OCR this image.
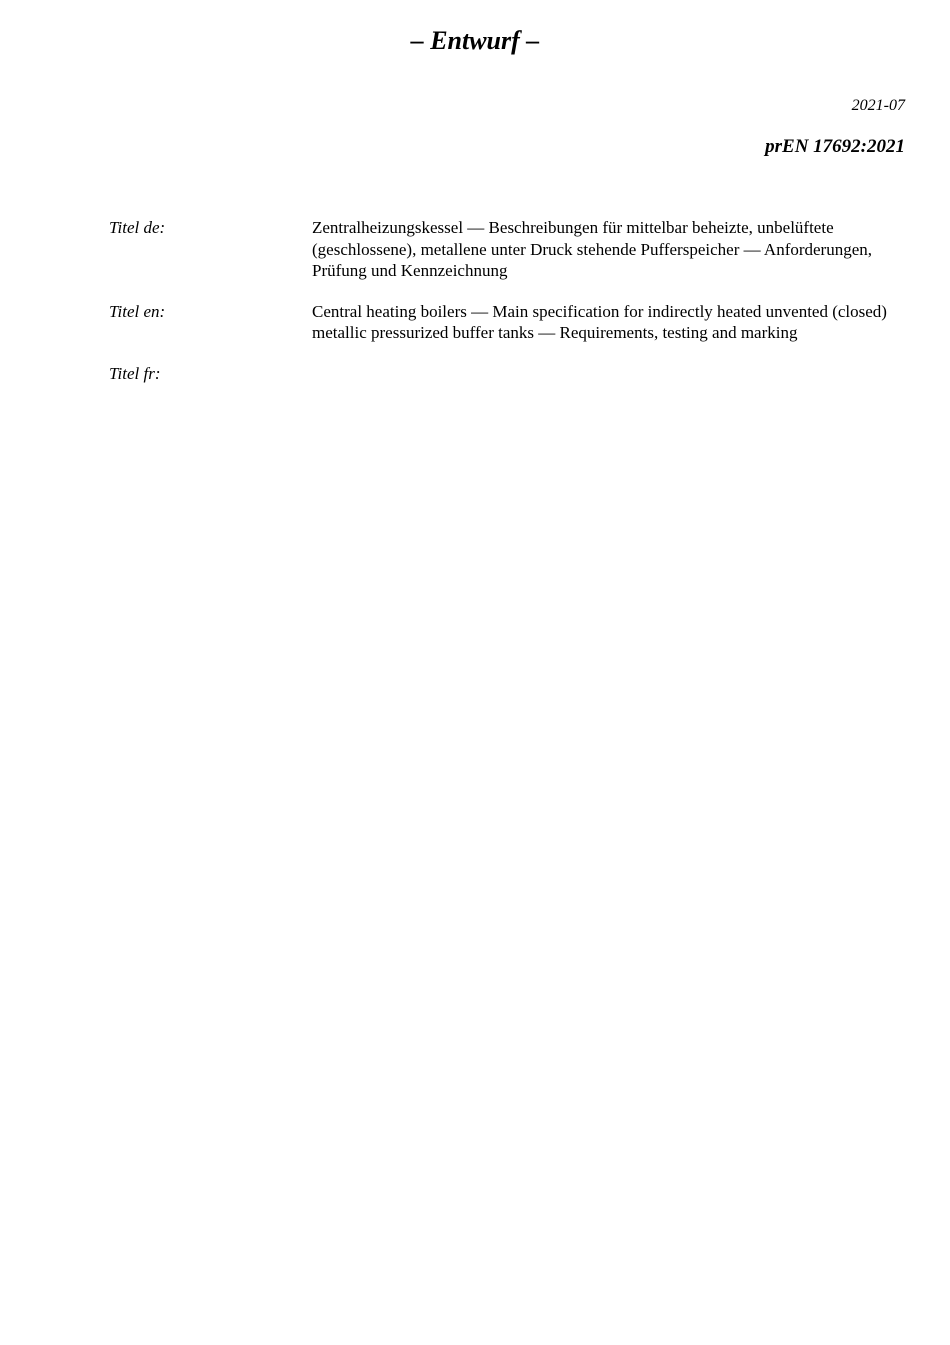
– Entwurf –
2021-07
prEN 17692:2021
Titel de:	Zentralheizungskessel — Beschreibungen für mittelbar beheizte, unbelüftete (geschlossene), metallene unter Druck stehende Pufferspeicher — Anforderungen, Prüfung und Kennzeichnung
Titel en:	Central heating boilers — Main specification for indirectly heated unvented (closed) metallic pressurized buffer tanks — Requirements, testing and marking
Titel fr:
